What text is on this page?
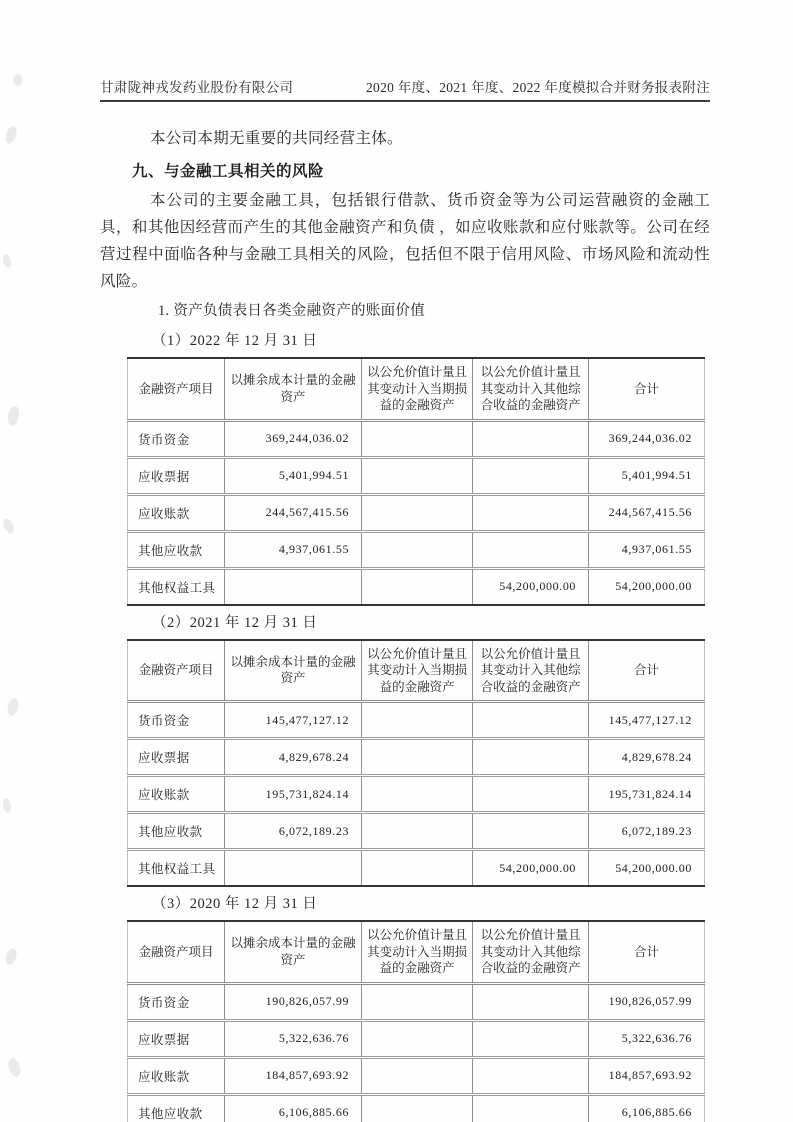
甘肃陇神戎发药业股份有限公司	2020 年度、2021 年度、2022 年度模拟合并财务报表附注

本公司本期无重要的共同经营主体。

九、与金融工具相关的风险

本公司的主要金融工具，包括银行借款、货币资金等为公司运营融资的金融工具，和其他因经营而产生的其他金融资产和负债 ，如应收账款和应付账款等。公司在经营过程中面临各种与金融工具相关的风险，包括但不限于信用风险、市场风险和流动性风险。

1. 资产负债表日各类金融资产的账面价值
（1）2022 年 12 月 31 日
金融资产项目	以摊余成本计量的金融资产	以公允价值计量且其变动计入当期损益的金融资产	以公允价值计量且其变动计入其他综合收益的金融资产	合计
货币资金	369,244,036.02			369,244,036.02
应收票据	5,401,994.51			5,401,994.51
应收账款	244,567,415.56			244,567,415.56
其他应收款	4,937,061.55			4,937,061.55
其他权益工具			54,200,000.00	54,200,000.00
（2）2021 年 12 月 31 日
金融资产项目	以摊余成本计量的金融资产	以公允价值计量且其变动计入当期损益的金融资产	以公允价值计量且其变动计入其他综合收益的金融资产	合计
货币资金	145,477,127.12			145,477,127.12
应收票据	4,829,678.24			4,829,678.24
应收账款	195,731,824.14			195,731,824.14
其他应收款	6,072,189.23			6,072,189.23
其他权益工具			54,200,000.00	54,200,000.00
（3）2020 年 12 月 31 日
金融资产项目	以摊余成本计量的金融资产	以公允价值计量且其变动计入当期损益的金融资产	以公允价值计量且其变动计入其他综合收益的金融资产	合计
货币资金	190,826,057.99			190,826,057.99
应收票据	5,322,636.76			5,322,636.76
应收账款	184,857,693.92			184,857,693.92
其他应收款	6,106,885.66			6,106,885.66
